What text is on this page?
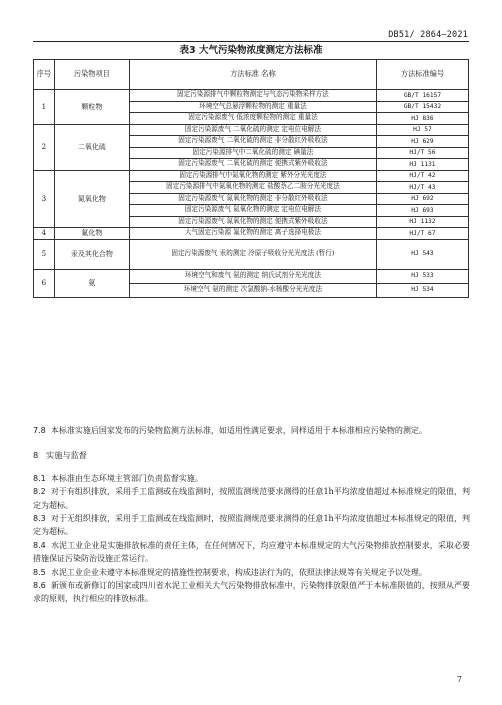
DB51/ 2864—2021
表3 大气污染物浓度测定方法标准
序号	污染物项目	方法标准 名称	方法标准编号
1	颗粒物	固定污染源排气中颗粒物测定与气态污染物采样方法	GB/T 16157
		环境空气总悬浮颗粒物的测定 重量法	GB/T 15432
		固定污染源废气 低浓度颗粒物的测定 重量法	HJ 836
2	二氧化硫	固定污染源废气 二氧化硫的测定 定电位电解法	HJ 57
		固定污染源废气 二氧化硫的测定 非分散红外吸收法	HJ 629
		固定污染源排气中二氧化硫的测定 碘量法	HJ/T 56
		固定污染源废气 二氧化硫的测定 便携式紫外吸收法	HJ 1131
3	氮氧化物	固定污染源排气中氮氧化物的测定 紫外分光光度法	HJ/T 42
		固定污染源排气中氮氧化物的测定 盐酸萘乙二胺分光光度法	HJ/T 43
		固定污染源废气 氮氧化物的测定 非分散红外吸收法	HJ 692
		固定污染源废气 氮氧化物的测定 定电位电解法	HJ 693
		固定污染源废气 氮氧化物的测定 便携式紫外吸收法	HJ 1132
4	氟化物	大气固定污染源 氟化物的测定 离子选择电极法	HJ/T 67
5	汞及其化合物	固定污染源废气 汞的测定 冷原子吸收分光光度法 (暂行)	HJ 543
6	氨	环境空气和废气 氨的测定 纳氏试剂分光光度法	HJ 533
		环境空气 氨的测定 次氯酸钠-水杨酸分光光度法	HJ 534

7.8 本标准实施后国家发布的污染物监测方法标准，如适用性满足要求，同样适用于本标准相应污染物的测定。

8 实施与监督

8.1 本标准由生态环境主管部门负责监督实施。

8.2 对于有组织排放，采用手工监测或在线监测时，按照监测规范要求测得的任意1h平均浓度值超过本标准规定的限值，判定为超标。

8.3 对于无组织排放，采用手工监测或在线监测时，按照监测规范要求测得的任意1h平均浓度值超过本标准规定的限值，判定为超标。

8.4 水泥工业企业是实施排放标准的责任主体，在任何情况下，均应遵守本标准规定的大气污染物排放控制要求，采取必要措施保证污染防治设施正常运行。

8.5 水泥工业企业未遵守本标准规定的措施性控制要求，构成违法行为的，依照法律法规等有关规定予以处理。

8.6 新颁布或新修订的国家或四川省水泥工业相关大气污染物排放标准中，污染物排放限值严于本标准限值的，按照从严要求的原则，执行相应的排放标准。

7
